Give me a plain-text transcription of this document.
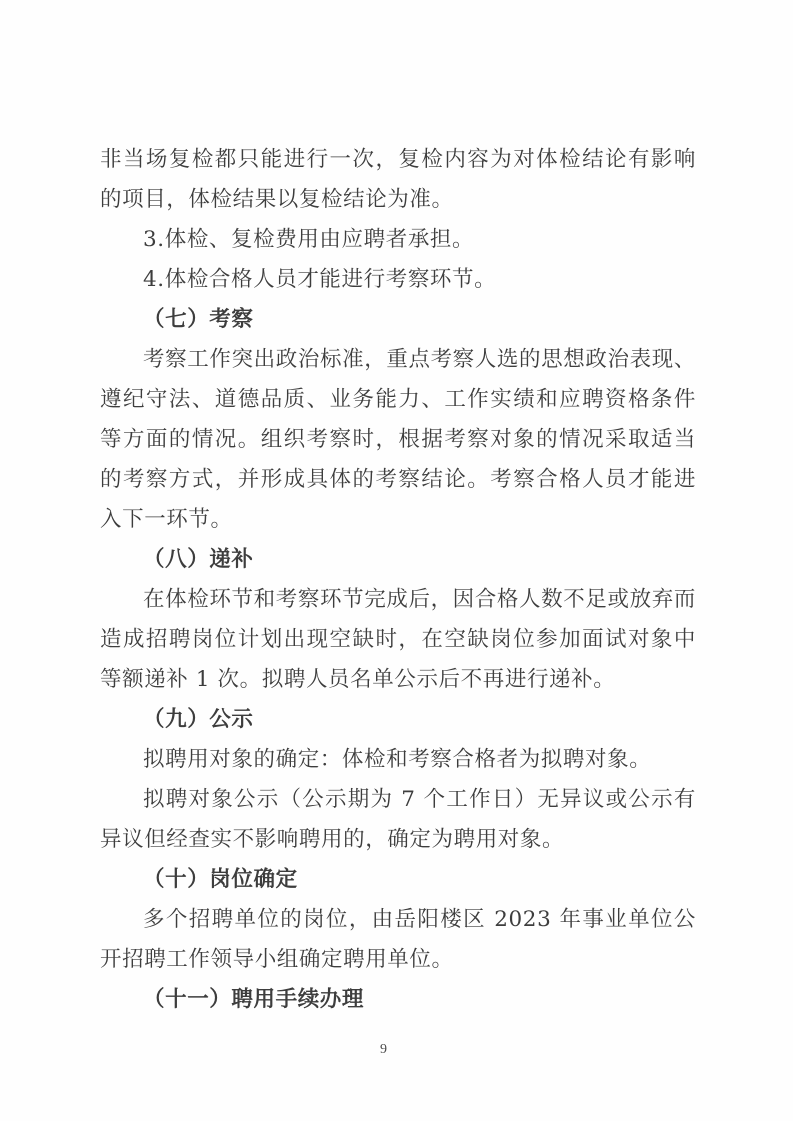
非当场复检都只能进行一次，复检内容为对体检结论有影响的项目，体检结果以复检结论为准。

3.体检、复检费用由应聘者承担。

4.体检合格人员才能进行考察环节。

（七）考察

考察工作突出政治标准，重点考察人选的思想政治表现、遵纪守法、道德品质、业务能力、工作实绩和应聘资格条件等方面的情况。组织考察时，根据考察对象的情况采取适当的考察方式，并形成具体的考察结论。考察合格人员才能进入下一环节。

（八）递补

在体检环节和考察环节完成后，因合格人数不足或放弃而造成招聘岗位计划出现空缺时，在空缺岗位参加面试对象中等额递补 1 次。拟聘人员名单公示后不再进行递补。

（九）公示

拟聘用对象的确定：体检和考察合格者为拟聘对象。

拟聘对象公示（公示期为 7 个工作日）无异议或公示有异议但经查实不影响聘用的，确定为聘用对象。

（十）岗位确定

多个招聘单位的岗位，由岳阳楼区 2023 年事业单位公开招聘工作领导小组确定聘用单位。

（十一）聘用手续办理
9
